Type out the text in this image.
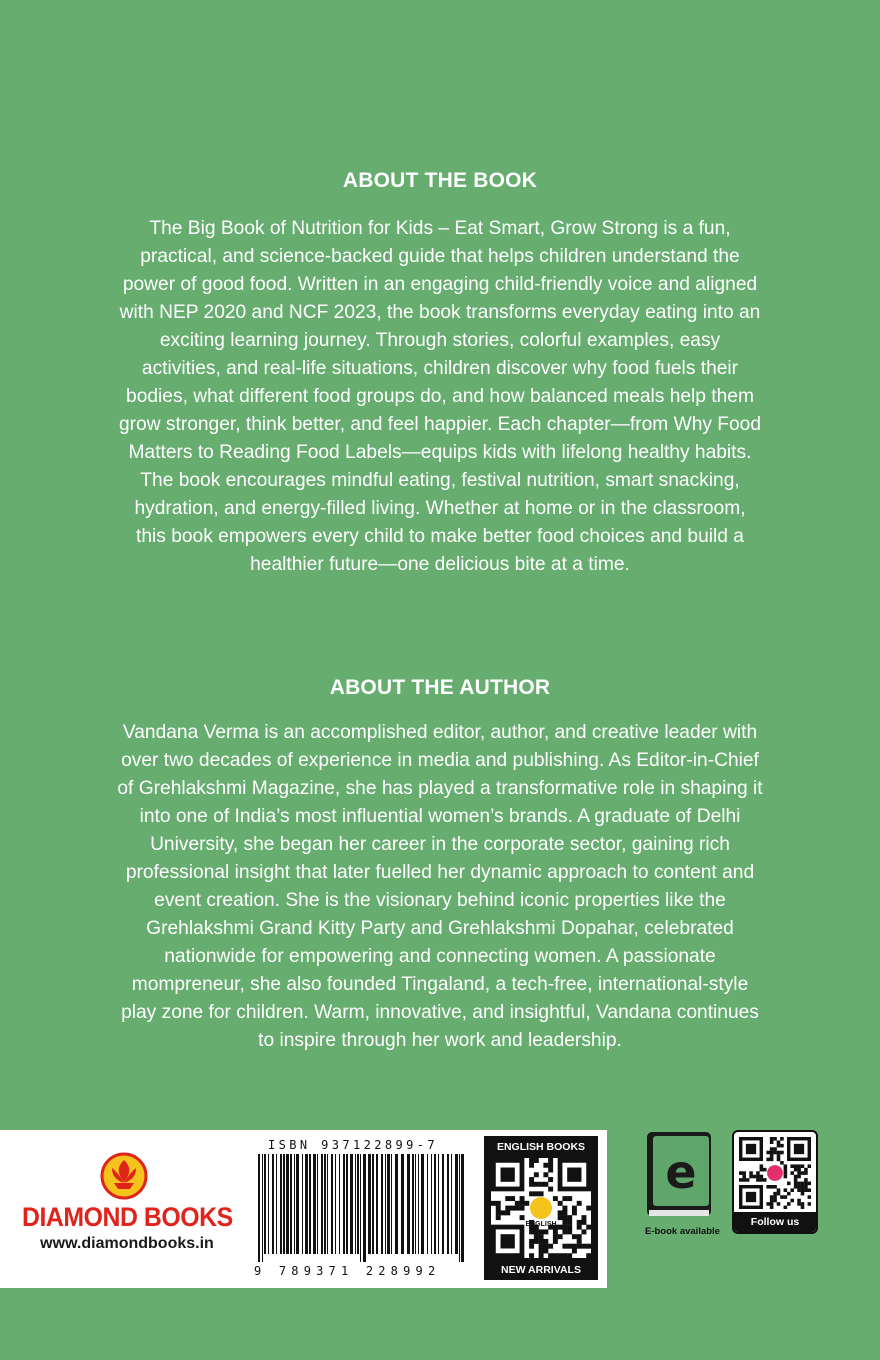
ABOUT THE BOOK
The Big Book of Nutrition for Kids – Eat Smart, Grow Strong is a fun,
practical, and science-backed guide that helps children understand the
power of good food. Written in an engaging child-friendly voice and aligned
with NEP 2020 and NCF 2023, the book transforms everyday eating into an
exciting learning journey. Through stories, colorful examples, easy
activities, and real-life situations, children discover why food fuels their
bodies, what different food groups do, and how balanced meals help them
grow stronger, think better, and feel happier. Each chapter—from Why Food
Matters to Reading Food Labels—equips kids with lifelong healthy habits.
The book encourages mindful eating, festival nutrition, smart snacking,
hydration, and energy-filled living. Whether at home or in the classroom,
this book empowers every child to make better food choices and build a
healthier future—one delicious bite at a time.
ABOUT THE AUTHOR
Vandana Verma is an accomplished editor, author, and creative leader with
over two decades of experience in media and publishing. As Editor-in-Chief
of Grehlakshmi Magazine, she has played a transformative role in shaping it
into one of India’s most influential women’s brands. A graduate of Delhi
University, she began her career in the corporate sector, gaining rich
professional insight that later fuelled her dynamic approach to content and
event creation. She is the visionary behind iconic properties like the
Grehlakshmi Grand Kitty Party and Grehlakshmi Dopahar, celebrated
nationwide for empowering and connecting women. A passionate
mompreneur, she also founded Tingaland, a tech-free, international-style
play zone for children. Warm, innovative, and insightful, Vandana continues
to inspire through her work and leadership.
DIAMOND BOOKS
www.diamondbooks.in
ISBN 937122899-7
9 789371 228992
ENGLISH BOOKS
ENGLISH
NEW ARRIVALS
e
E-book available
Follow us
